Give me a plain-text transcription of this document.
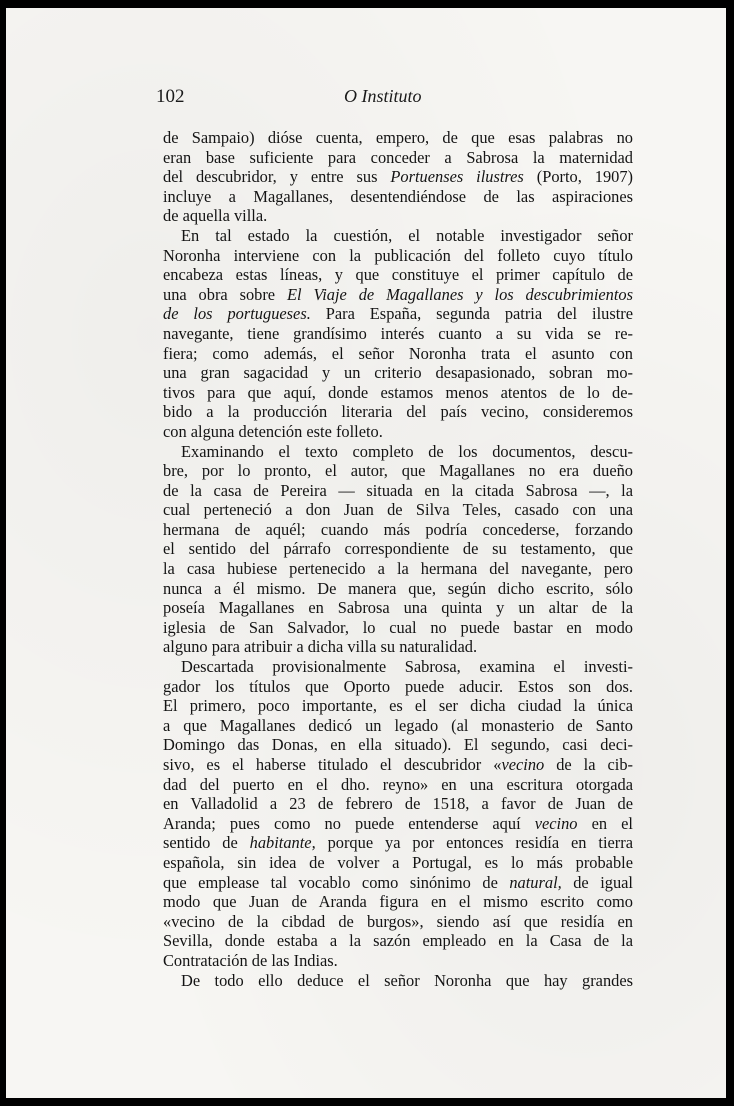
102	O Instituto
de Sampaio) dióse cuenta, empero, de que esas palabras no
eran base suficiente para conceder a Sabrosa la maternidad
del descubridor, y entre sus Portuenses ilustres (Porto, 1907)
incluye a Magallanes, desentendiéndose de las aspiraciones
de aquella villa.
En tal estado la cuestión, el notable investigador señor
Noronha interviene con la publicación del folleto cuyo título
encabeza estas líneas, y que constituye el primer capítulo de
una obra sobre El Viaje de Magallanes y los descubrimientos
de los portugueses. Para España, segunda patria del ilustre
navegante, tiene grandísimo interés cuanto a su vida se re-
fiera; como además, el señor Noronha trata el asunto con
una gran sagacidad y un criterio desapasionado, sobran mo-
tivos para que aquí, donde estamos menos atentos de lo de-
bido a la producción literaria del país vecino, consideremos
con alguna detención este folleto.
Examinando el texto completo de los documentos, descu-
bre, por lo pronto, el autor, que Magallanes no era dueño
de la casa de Pereira — situada en la citada Sabrosa —, la
cual perteneció a don Juan de Silva Teles, casado con una
hermana de aquél; cuando más podría concederse, forzando
el sentido del párrafo correspondiente de su testamento, que
la casa hubiese pertenecido a la hermana del navegante, pero
nunca a él mismo. De manera que, según dicho escrito, sólo
poseía Magallanes en Sabrosa una quinta y un altar de la
iglesia de San Salvador, lo cual no puede bastar en modo
alguno para atribuir a dicha villa su naturalidad.
Descartada provisionalmente Sabrosa, examina el investi-
gador los títulos que Oporto puede aducir. Estos son dos.
El primero, poco importante, es el ser dicha ciudad la única
a que Magallanes dedicó un legado (al monasterio de Santo
Domingo das Donas, en ella situado). El segundo, casi deci-
sivo, es el haberse titulado el descubridor «vecino de la cib-
dad del puerto en el dho. reyno» en una escritura otorgada
en Valladolid a 23 de febrero de 1518, a favor de Juan de
Aranda; pues como no puede entenderse aquí vecino en el
sentido de habitante, porque ya por entonces residía en tierra
española, sin idea de volver a Portugal, es lo más probable
que emplease tal vocablo como sinónimo de natural, de igual
modo que Juan de Aranda figura en el mismo escrito como
«vecino de la cibdad de burgos», siendo así que residía en
Sevilla, donde estaba a la sazón empleado en la Casa de la
Contratación de las Indias.
De todo ello deduce el señor Noronha que hay grandes
